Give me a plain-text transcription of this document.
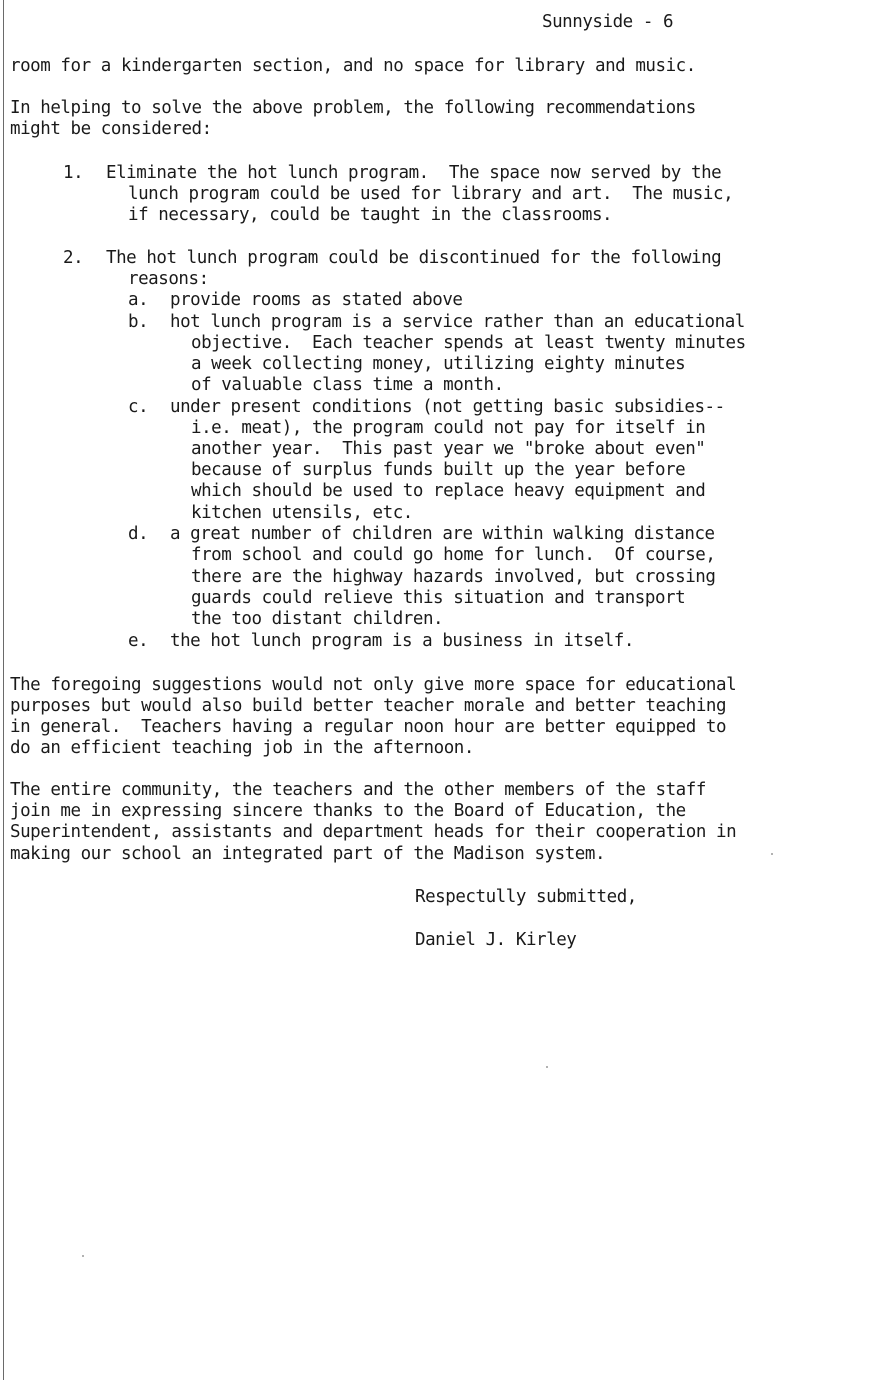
Sunnyside - 6
room for a kindergarten section, and no space for library and music.
In helping to solve the above problem, the following recommendations
might be considered:
1. Eliminate the hot lunch program.  The space now served by the
lunch program could be used for library and art.  The music,
if necessary, could be taught in the classrooms.
2. The hot lunch program could be discontinued for the following
reasons:
a. provide rooms as stated above
b. hot lunch program is a service rather than an educational
objective.  Each teacher spends at least twenty minutes
a week collecting money, utilizing eighty minutes
of valuable class time a month.
c. under present conditions (not getting basic subsidies--
i.e. meat), the program could not pay for itself in
another year.  This past year we "broke about even"
because of surplus funds built up the year before
which should be used to replace heavy equipment and
kitchen utensils, etc.
d. a great number of children are within walking distance
from school and could go home for lunch.  Of course,
there are the highway hazards involved, but crossing
guards could relieve this situation and transport
the too distant children.
e. the hot lunch program is a business in itself.
The foregoing suggestions would not only give more space for educational
purposes but would also build better teacher morale and better teaching
in general.  Teachers having a regular noon hour are better equipped to
do an efficient teaching job in the afternoon.
The entire community, the teachers and the other members of the staff
join me in expressing sincere thanks to the Board of Education, the
Superintendent, assistants and department heads for their cooperation in
making our school an integrated part of the Madison system.
Respectully submitted,
Daniel J. Kirley
